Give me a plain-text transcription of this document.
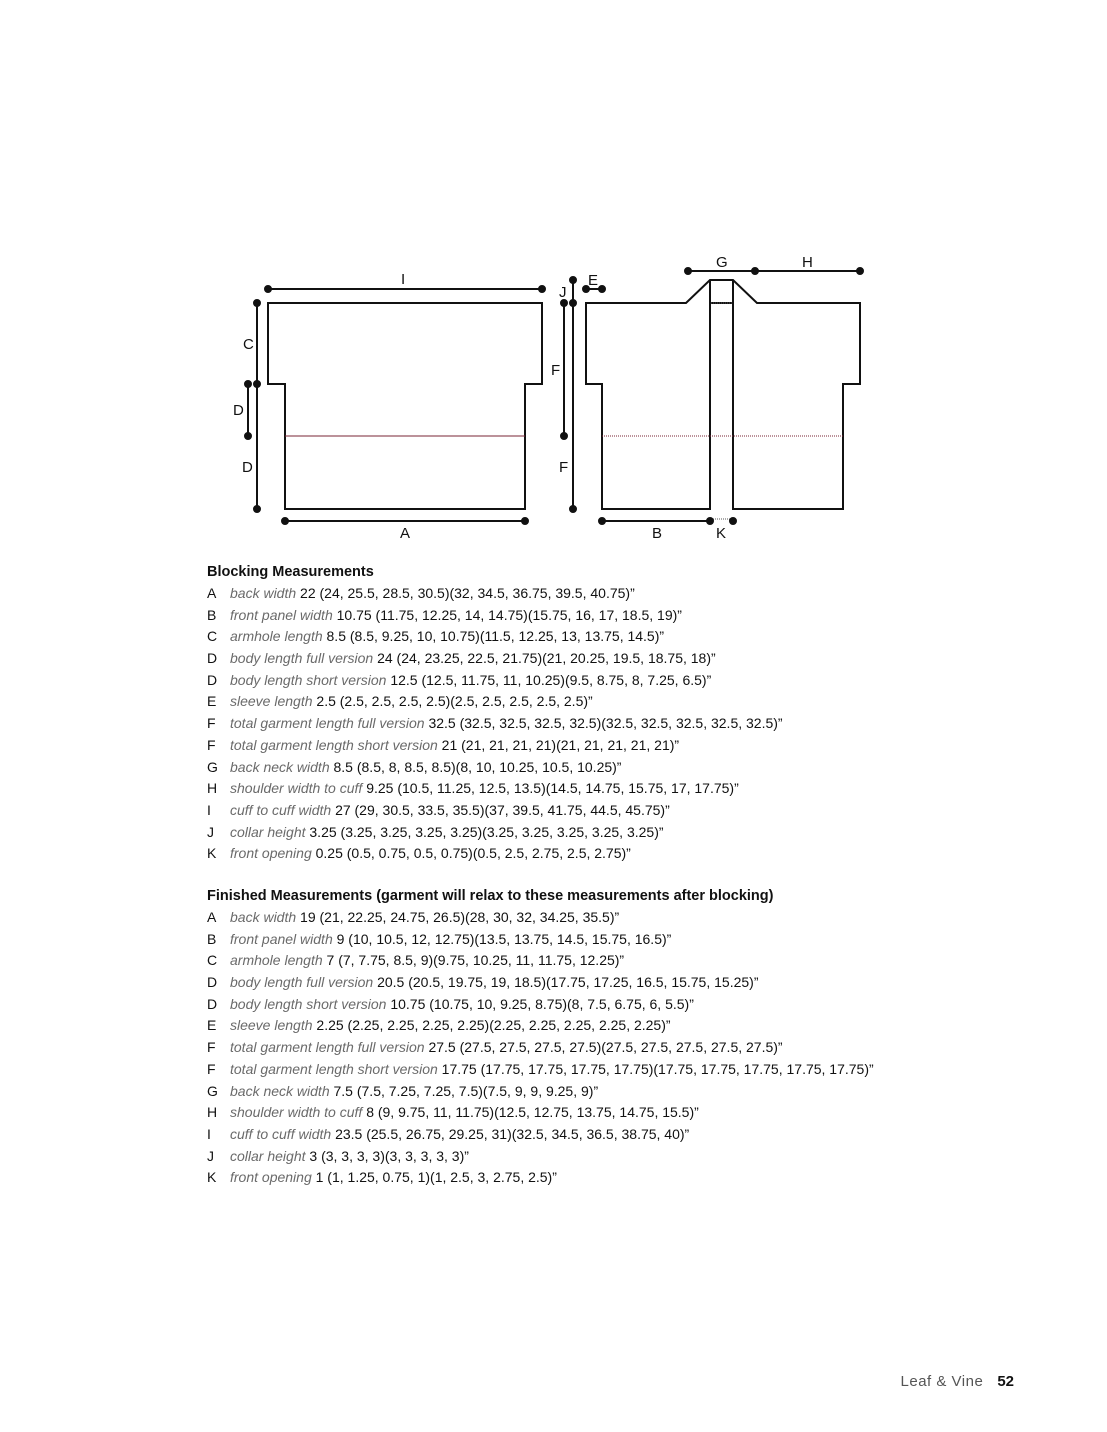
I
C
D
D
A
J
E
F
F
G	H
B	K
Blocking Measurements
A back width 22 (24, 25.5, 28.5, 30.5)(32, 34.5, 36.75, 39.5, 40.75)”
B front panel width 10.75 (11.75, 12.25, 14, 14.75)(15.75, 16, 17, 18.5, 19)”
C armhole length 8.5 (8.5, 9.25, 10, 10.75)(11.5, 12.25, 13, 13.75, 14.5)”
D body length full version 24 (24, 23.25, 22.5, 21.75)(21, 20.25, 19.5, 18.75, 18)”
D body length short version 12.5 (12.5, 11.75, 11, 10.25)(9.5, 8.75, 8, 7.25, 6.5)”
E sleeve length 2.5 (2.5, 2.5, 2.5, 2.5)(2.5, 2.5, 2.5, 2.5, 2.5)”
F total garment length full version 32.5 (32.5, 32.5, 32.5, 32.5)(32.5, 32.5, 32.5, 32.5, 32.5)”
F total garment length short version 21 (21, 21, 21, 21)(21, 21, 21, 21, 21)”
G back neck width 8.5 (8.5, 8, 8.5, 8.5)(8, 10, 10.25, 10.5, 10.25)”
H shoulder width to cuff 9.25 (10.5, 11.25, 12.5, 13.5)(14.5, 14.75, 15.75, 17, 17.75)”
I cuff to cuff width 27 (29, 30.5, 33.5, 35.5)(37, 39.5, 41.75, 44.5, 45.75)”
J collar height 3.25 (3.25, 3.25, 3.25, 3.25)(3.25, 3.25, 3.25, 3.25, 3.25)”
K front opening 0.25 (0.5, 0.75, 0.5, 0.75)(0.5, 2.5, 2.75, 2.5, 2.75)”
Finished Measurements (garment will relax to these measurements after blocking)
A back width 19 (21, 22.25, 24.75, 26.5)(28, 30, 32, 34.25, 35.5)”
B front panel width 9 (10, 10.5, 12, 12.75)(13.5, 13.75, 14.5, 15.75, 16.5)”
C armhole length 7 (7, 7.75, 8.5, 9)(9.75, 10.25, 11, 11.75, 12.25)”
D body length full version 20.5 (20.5, 19.75, 19, 18.5)(17.75, 17.25, 16.5, 15.75, 15.25)”
D body length short version 10.75 (10.75, 10, 9.25, 8.75)(8, 7.5, 6.75, 6, 5.5)”
E sleeve length 2.25 (2.25, 2.25, 2.25, 2.25)(2.25, 2.25, 2.25, 2.25, 2.25)”
F total garment length full version 27.5 (27.5, 27.5, 27.5, 27.5)(27.5, 27.5, 27.5, 27.5, 27.5)”
F total garment length short version 17.75 (17.75, 17.75, 17.75, 17.75)(17.75, 17.75, 17.75, 17.75, 17.75)”
G back neck width 7.5 (7.5, 7.25, 7.25, 7.5)(7.5, 9, 9, 9.25, 9)”
H shoulder width to cuff 8 (9, 9.75, 11, 11.75)(12.5, 12.75, 13.75, 14.75, 15.5)”
I cuff to cuff width 23.5 (25.5, 26.75, 29.25, 31)(32.5, 34.5, 36.5, 38.75, 40)”
J collar height 3 (3, 3, 3, 3)(3, 3, 3, 3, 3)”
K front opening 1 (1, 1.25, 0.75, 1)(1, 2.5, 3, 2.75, 2.5)”
Leaf & Vine 52
